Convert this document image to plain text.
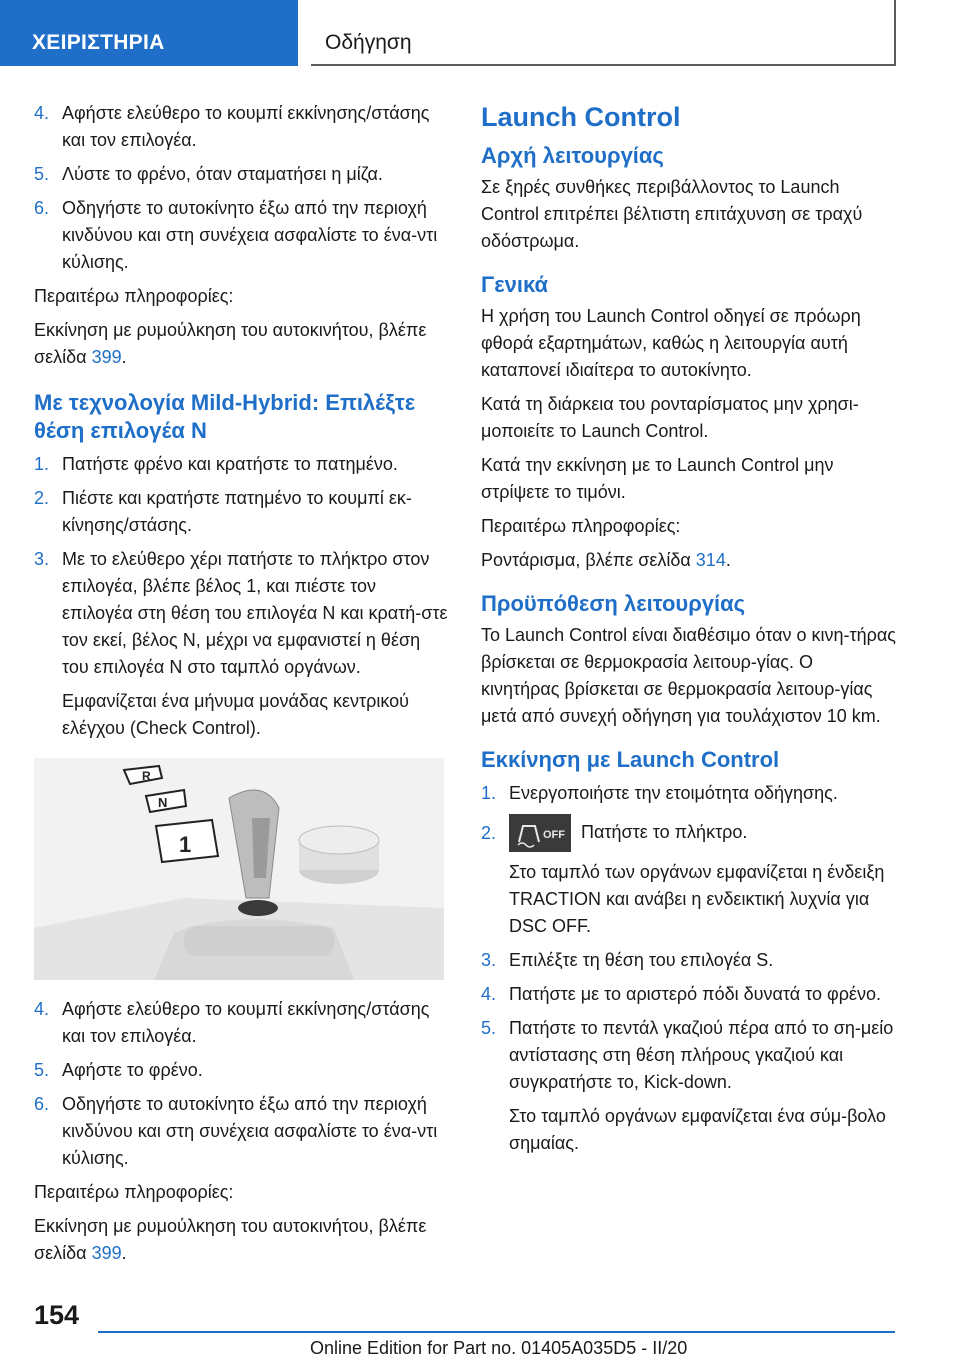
ΧΕΙΡΙΣΤΗΡΙΑ	Οδήγηση
4. Αφήστε ελεύθερο το κουμπί εκκίνησης/στάσης και τον επιλογέα.
5. Λύστε το φρένο, όταν σταματήσει η μίζα.
6. Οδηγήστε το αυτοκίνητο έξω από την περιοχή κινδύνου και στη συνέχεια ασφαλίστε το ένα-ντι κύλισης.

Περαιτέρω πληροφορίες:

Εκκίνηση με ρυμούλκηση του αυτοκινήτου, βλέπε σελίδα 399.

Με τεχνολογία Mild-Hybrid: Επιλέξτε θέση επιλογέα N
1. Πατήστε φρένο και κρατήστε το πατημένο.
2. Πιέστε και κρατήστε πατημένο το κουμπί εκ-κίνησης/στάσης.
3. Με το ελεύθερο χέρι πατήστε το πλήκτρο στον επιλογέα, βλέπε βέλος 1, και πιέστε τον επιλογέα στη θέση του επιλογέα N και κρατή-στε τον εκεί, βέλος N, μέχρι να εμφανιστεί η θέση του επιλογέα N στο ταμπλό οργάνων.

Εμφανίζεται ένα μήνυμα μονάδας κεντρικού ελέγχου (Check Control).

R
N
1
4. Αφήστε ελεύθερο το κουμπί εκκίνησης/στάσης και τον επιλογέα.
5. Αφήστε το φρένο.
6. Οδηγήστε το αυτοκίνητο έξω από την περιοχή κινδύνου και στη συνέχεια ασφαλίστε το ένα-ντι κύλισης.

Περαιτέρω πληροφορίες:

Εκκίνηση με ρυμούλκηση του αυτοκινήτου, βλέπε σελίδα 399.

Launch Control
Αρχή λειτουργίας

Σε ξηρές συνθήκες περιβάλλοντος το Launch Control επιτρέπει βέλτιστη επιτάχυνση σε τραχύ οδόστρωμα.

Γενικά

Η χρήση του Launch Control οδηγεί σε πρόωρη φθορά εξαρτημάτων, καθώς η λειτουργία αυτή καταπονεί ιδιαίτερα το αυτοκίνητο.

Κατά τη διάρκεια του ρονταρίσματος μην χρησι-μοποιείτε το Launch Control.

Κατά την εκκίνηση με το Launch Control μην στρίψετε το τιμόνι.

Περαιτέρω πληροφορίες:

Ροντάρισμα, βλέπε σελίδα 314.

Προϋπόθεση λειτουργίας

Το Launch Control είναι διαθέσιμο όταν ο κινη-τήρας βρίσκεται σε θερμοκρασία λειτουρ-γίας. Ο κινητήρας βρίσκεται σε θερμοκρασία λειτουρ-γίας μετά από συνεχή οδήγηση για τουλάχιστον 10 km.

Εκκίνηση με Launch Control
1. Ενεργοποιήστε την ετοιμότητα οδήγησης.
2.	OFF Πατήστε το πλήκτρο.

Στο ταμπλό των οργάνων εμφανίζεται η ένδειξη TRACTION και ανάβει η ενδεικτική λυχνία για DSC OFF.

3. Επιλέξτε τη θέση του επιλογέα S.
4. Πατήστε με το αριστερό πόδι δυνατά το φρένο.
5. Πατήστε το πεντάλ γκαζιού πέρα από το ση-μείο αντίστασης στη θέση πλήρους γκαζιού και συγκρατήστε το, Kick-down.

Στο ταμπλό οργάνων εμφανίζεται ένα σύμ-βολο σημαίας.

154
Online Edition for Part no. 01405A035D5 - II/20
